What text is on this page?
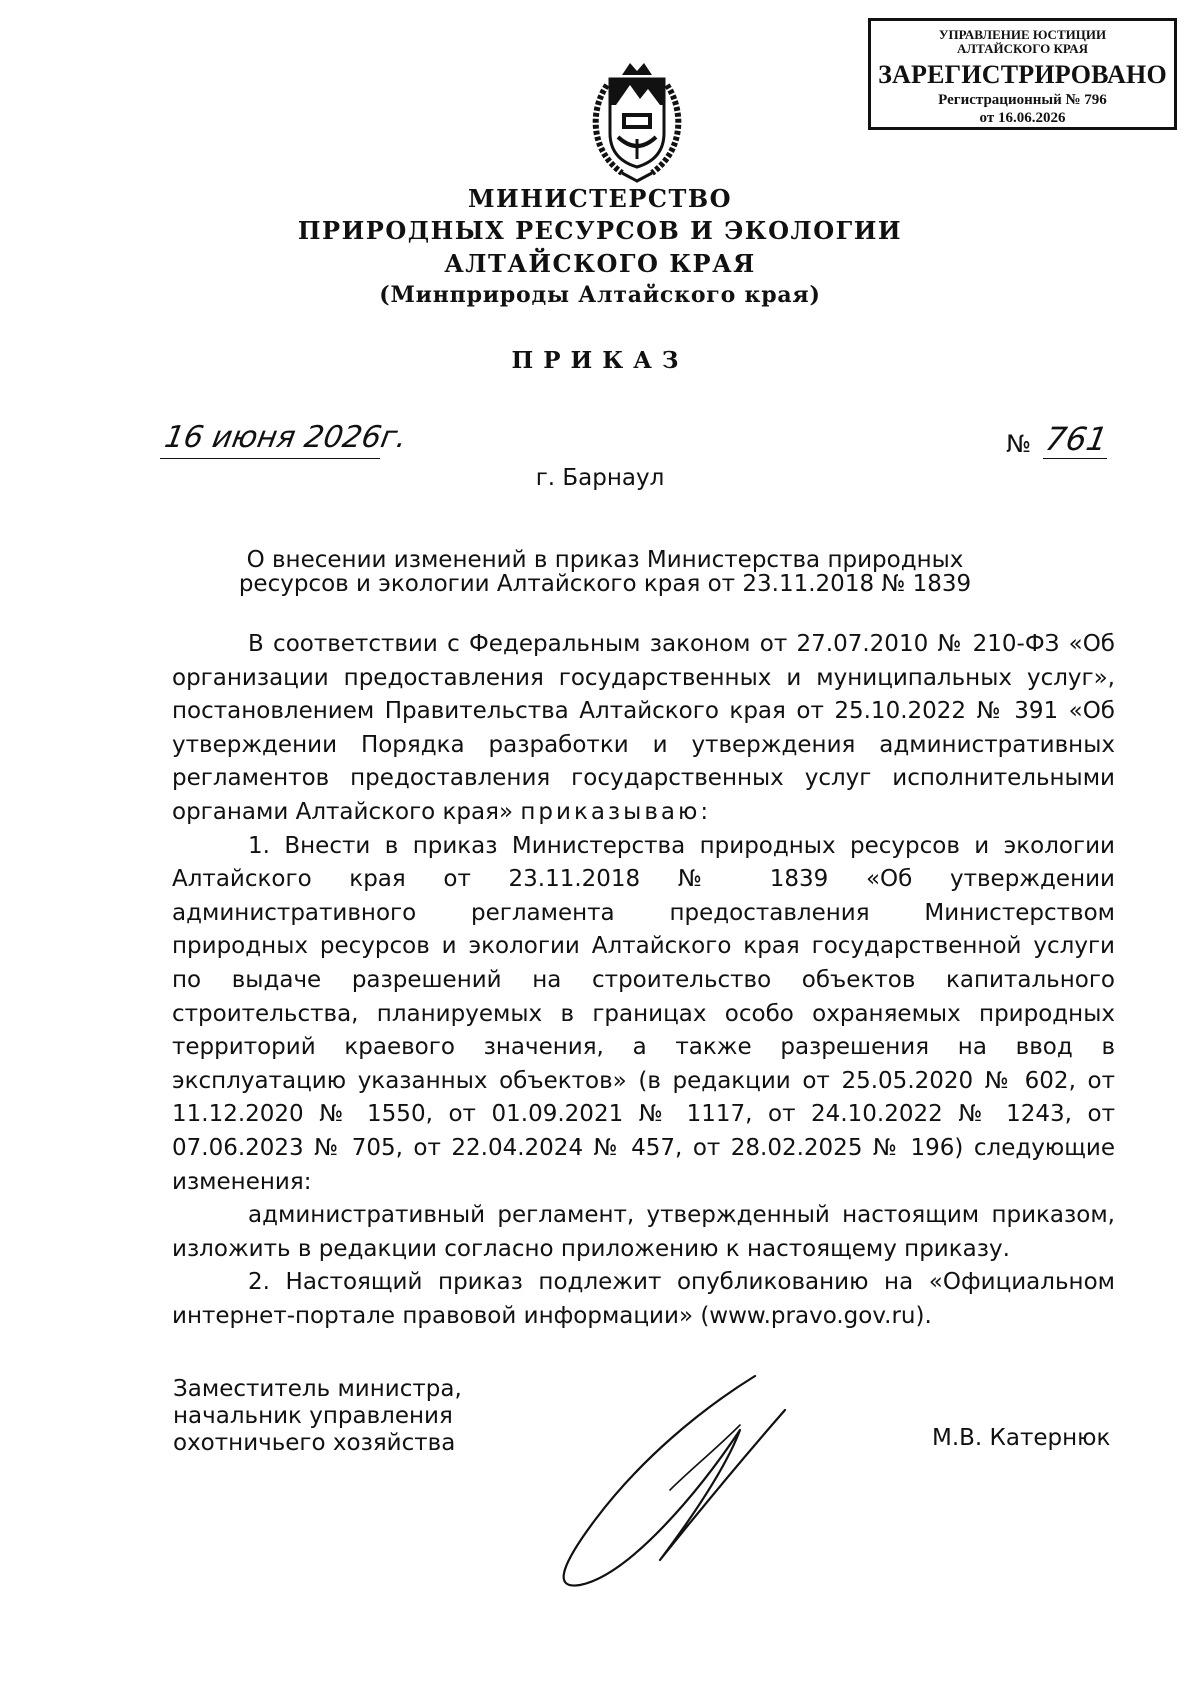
УПРАВЛЕНИЕ ЮСТИЦИИ
АЛТАЙСКОГО КРАЯ
ЗАРЕГИСТРИРОВАНО
Регистрационный № 796
от 16.06.2026
МИНИСТЕРСТВО
ПРИРОДНЫХ РЕСУРСОВ И ЭКОЛОГИИ
АЛТАЙСКОГО КРАЯ
(Минприроды Алтайского края)
ПРИКАЗ
16 июня 2026г.	№ 761
г. Барнаул
О внесении изменений в приказ Министерства природных ресурсов и экологии Алтайского края от 23.11.2018 № 1839

В соответствии с Федеральным законом от 27.07.2010 № 210-ФЗ «Об организации предоставления государственных и муниципальных услуг», постановлением Правительства Алтайского края от 25.10.2022 № 391 «Об утверждении Порядка разработки и утверждения административных регламентов предоставления государственных услуг исполнительными органами Алтайского края» приказываю:

1. Внести в приказ Министерства природных ресурсов и экологии Алтайского края от 23.11.2018 № 1839 «Об утверждении административного регламента предоставления Министерством природных ресурсов и экологии Алтайского края государственной услуги по выдаче разрешений на строительство объектов капитального строительства, планируемых в границах особо охраняемых природных территорий краевого значения, а также разрешения на ввод в эксплуатацию указанных объектов» (в редакции от 25.05.2020 № 602, от 11.12.2020 № 1550, от 01.09.2021 № 1117, от 24.10.2022 № 1243, от 07.06.2023 № 705, от 22.04.2024 № 457, от 28.02.2025 № 196) следующие изменения:

административный регламент, утвержденный настоящим приказом, изложить в редакции согласно приложению к настоящему приказу.

2. Настоящий приказ подлежит опубликованию на «Официальном интернет-портале правовой информации» (www.pravo.gov.ru).

Заместитель министра,
начальник управления
охотничьего хозяйства	М.В. Катернюк
